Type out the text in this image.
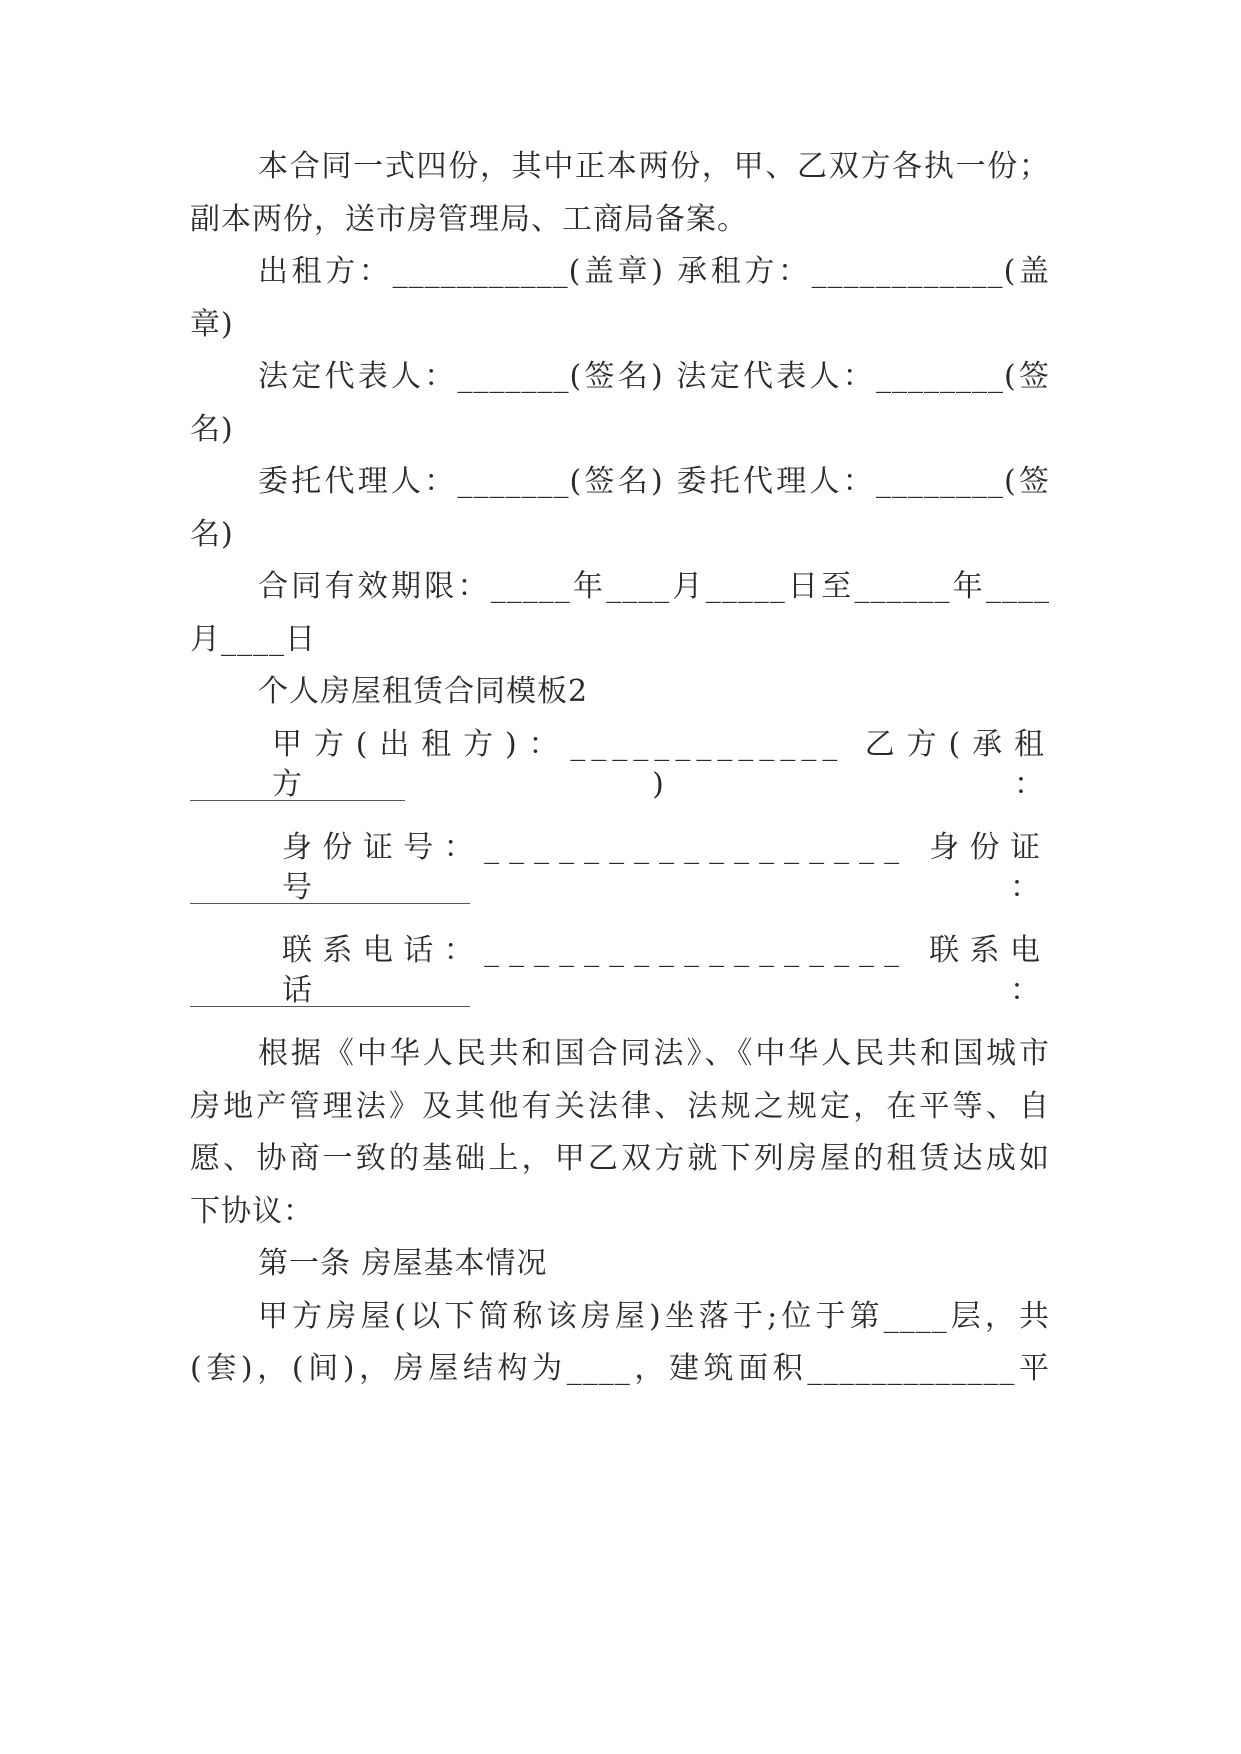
本合同一式四份，其中正本两份，甲、乙双方各执一份；
副本两份，送市房管理局、工商局备案。
出租方：___________(盖章) 承租方：____________(盖
章)
法定代表人：_______(签名) 法定代表人：________(签
名)
委托代理人：_______(签名) 委托代理人：________(签
名)
合同有效期限：_____年____月_____日至______年____
月____日
个人房屋租赁合同模板2
甲方(出租方)：_____________ 乙方(承租方)：
身份证号：_________________ 身份证号：
联系电话：_________________ 联系电话：
根据《中华人民共和国合同法》、《中华人民共和国城市
房地产管理法》及其他有关法律、法规之规定，在平等、自
愿、协商一致的基础上，甲乙双方就下列房屋的租赁达成如
下协议：
第一条 房屋基本情况
甲方房屋(以下简称该房屋)坐落于;位于第____层，共
(套)，(间)，房屋结构为____，建筑面积_____________平
